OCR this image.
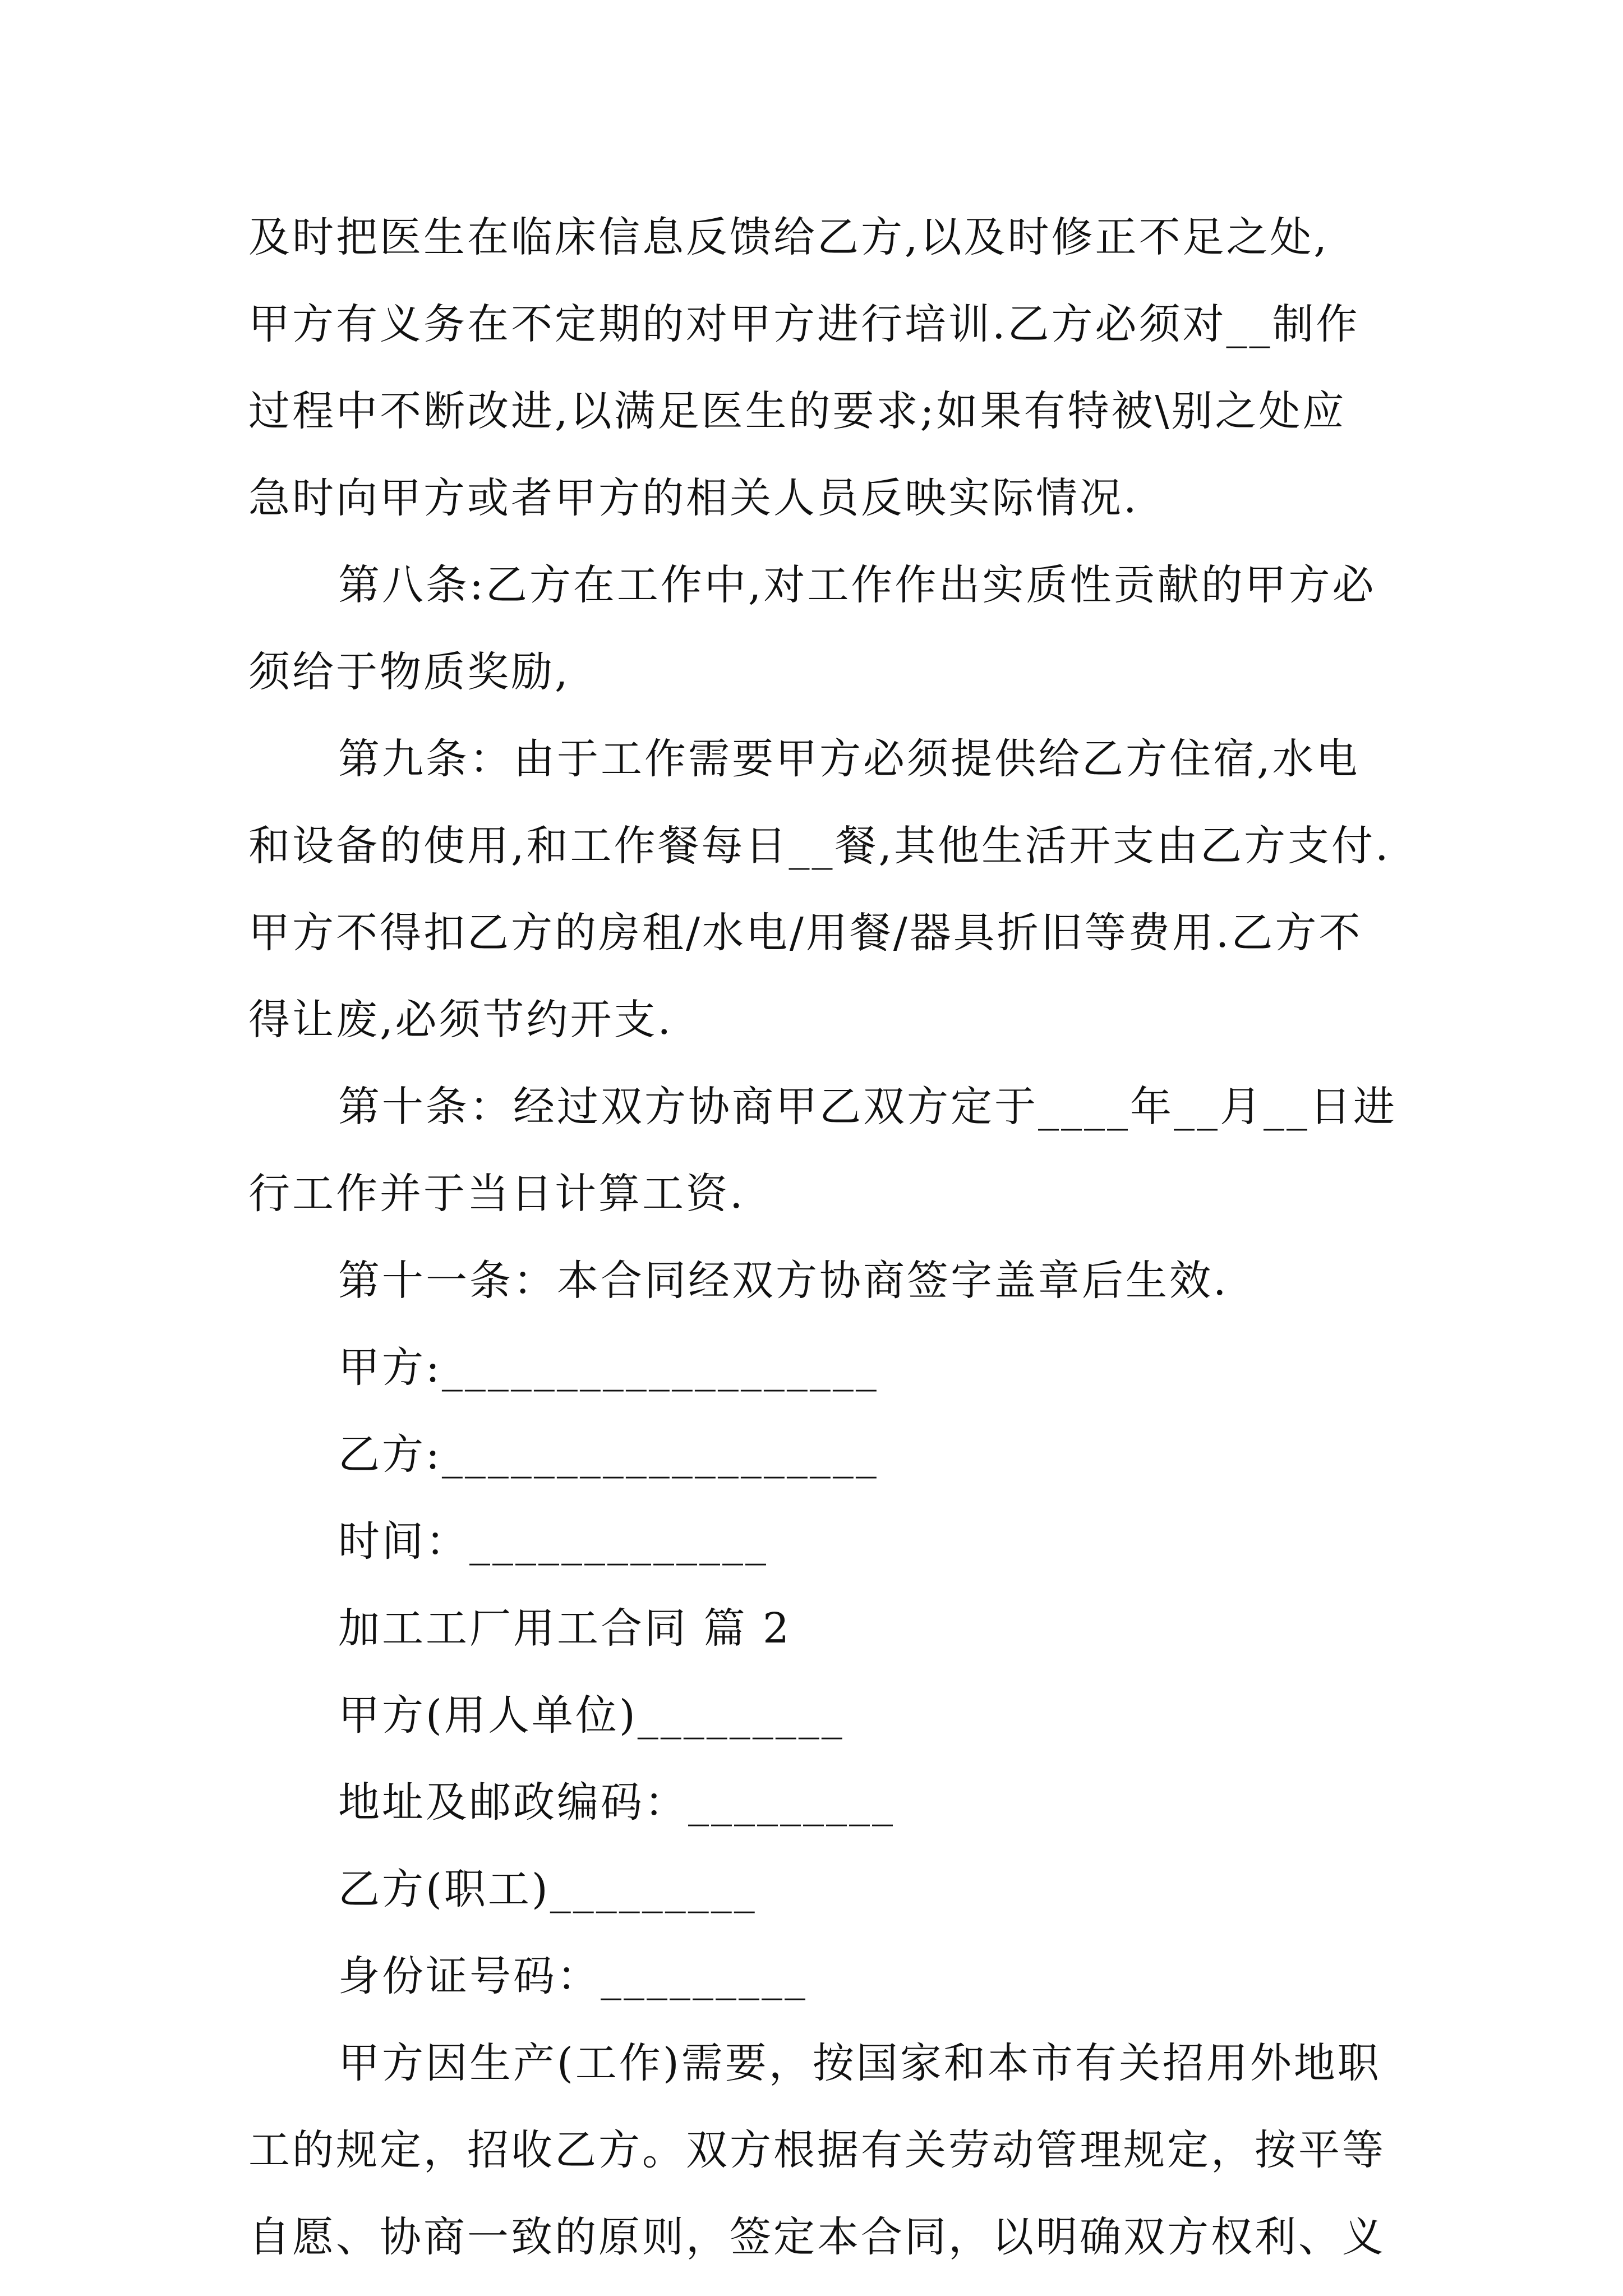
及时把医生在临床信息反馈给乙方,以及时修正不足之处,
甲方有义务在不定期的对甲方进行培训.乙方必须对__制作
过程中不断改进,以满足医生的要求;如果有特被\别之处应
急时向甲方或者甲方的相关人员反映实际情况.
第八条:乙方在工作中,对工作作出实质性贡献的甲方必
须给于物质奖励,
第九条：由于工作需要甲方必须提供给乙方住宿,水电
和设备的使用,和工作餐每日__餐,其他生活开支由乙方支付.
甲方不得扣乙方的房租/水电/用餐/器具折旧等费用.乙方不
得让废,必须节约开支.
第十条：经过双方协商甲乙双方定于____年__月__日进
行工作并于当日计算工资.
第十一条：本合同经双方协商签字盖章后生效.
甲方:___________________
乙方:___________________
时间：_____________
加工工厂用工合同 篇 2
甲方(用人单位)_________
地址及邮政编码：_________
乙方(职工)_________
身份证号码：_________
甲方因生产(工作)需要，按国家和本市有关招用外地职
工的规定，招收乙方。双方根据有关劳动管理规定，按平等
自愿、协商一致的原则，签定本合同，以明确双方权利、义
